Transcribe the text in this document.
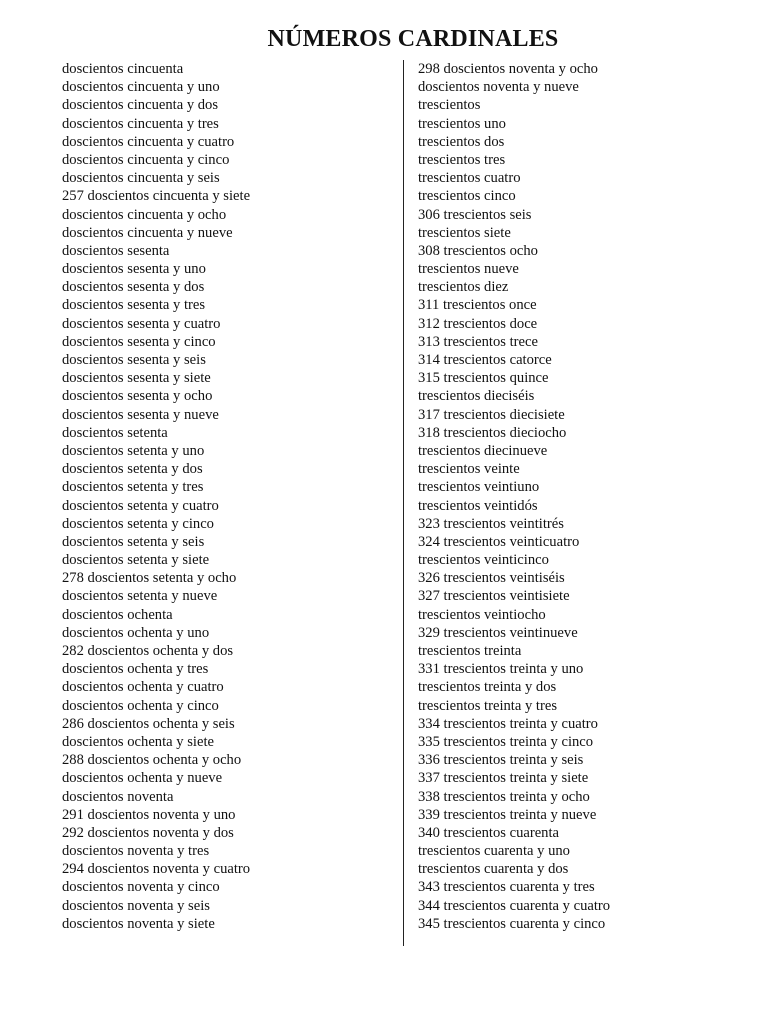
NÚMEROS CARDINALES
doscientos cincuenta
doscientos cincuenta y uno
doscientos cincuenta y dos
doscientos cincuenta y tres
doscientos cincuenta y cuatro
doscientos cincuenta y cinco
doscientos cincuenta y seis
257 doscientos cincuenta y siete
doscientos cincuenta y ocho
doscientos cincuenta y nueve
doscientos sesenta
doscientos sesenta y uno
doscientos sesenta y dos
doscientos sesenta y tres
doscientos sesenta y cuatro
doscientos sesenta y cinco
doscientos sesenta y seis
doscientos sesenta y siete
doscientos sesenta y ocho
doscientos sesenta y nueve
doscientos setenta
doscientos setenta y uno
doscientos setenta y dos
doscientos setenta y tres
doscientos setenta y cuatro
doscientos setenta y cinco
doscientos setenta y seis
doscientos setenta y siete
278 doscientos setenta y ocho
doscientos setenta y nueve
doscientos ochenta
doscientos ochenta y uno
282 doscientos ochenta y dos
doscientos ochenta y tres
doscientos ochenta y cuatro
doscientos ochenta y cinco
286 doscientos ochenta y seis
doscientos ochenta y siete
288 doscientos ochenta y ocho
doscientos ochenta y nueve
doscientos noventa
291 doscientos noventa y uno
292 doscientos noventa y dos
doscientos noventa y tres
294 doscientos noventa y cuatro
doscientos noventa y cinco
doscientos noventa y seis
doscientos noventa y siete
298 doscientos noventa y ocho
doscientos noventa y nueve
trescientos
trescientos uno
trescientos dos
trescientos tres
trescientos cuatro
trescientos cinco
306 trescientos seis
trescientos siete
308 trescientos ocho
trescientos nueve
trescientos diez
311 trescientos once
312 trescientos doce
313 trescientos trece
314 trescientos catorce
315 trescientos quince
trescientos dieciséis
317 trescientos diecisiete
318 trescientos dieciocho
trescientos diecinueve
trescientos veinte
trescientos veintiuno
trescientos veintidós
323 trescientos veintitrés
324 trescientos veinticuatro
trescientos veinticinco
326 trescientos veintiséis
327 trescientos veintisiete
trescientos veintiocho
329 trescientos veintinueve
trescientos treinta
331 trescientos treinta y uno
trescientos treinta y dos
trescientos treinta y tres
334 trescientos treinta y cuatro
335 trescientos treinta y cinco
336 trescientos treinta y seis
337 trescientos treinta y siete
338 trescientos treinta y ocho
339 trescientos treinta y nueve
340 trescientos cuarenta
trescientos cuarenta y uno
trescientos cuarenta y dos
343 trescientos cuarenta y tres
344 trescientos cuarenta y cuatro
345 trescientos cuarenta y cinco
